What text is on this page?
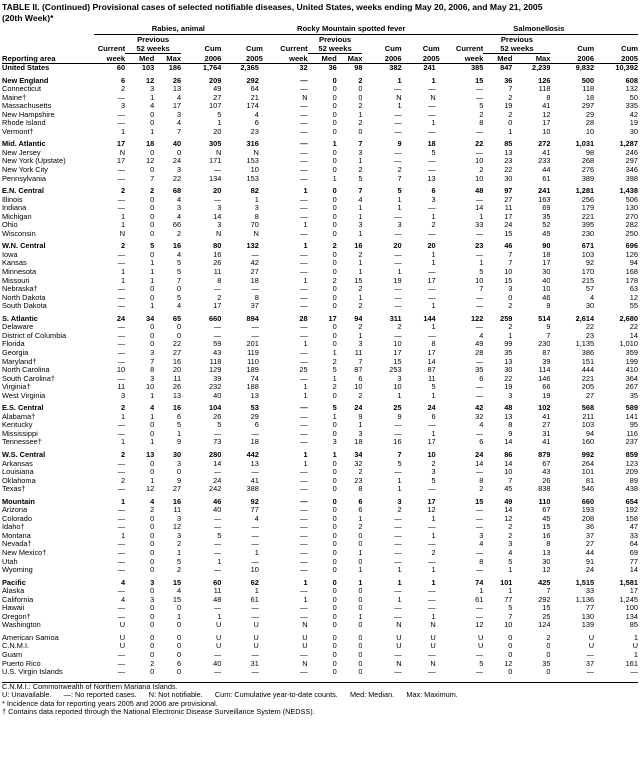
TABLE II. (Continued) Provisional cases of selected notifiable diseases, United States, weeks ending May 20, 2006, and May 21, 2005
(20th Week)*
	Rabies, animal					Rocky Mountain spotted fever					Salmonellosis				
		Previous					Previous					Previous			
	Current	52 weeks		Cum	Cum	Current	52 weeks		Cum	Cum	Current	52 weeks		Cum	Cum
Reporting area	week	Med	Max	2006	2005	week	Med	Max	2006	2005	week	Med	Max	2006	2005
United States	60	103	186	1,764	2,365	32	36	98	382	241	385	847	2,239	9,832	10,392

New England	6	12	26	209	292	—	0	2	1	1	15	36	126	500	608
Connecticut	2	3	13	49	64	—	0	0	—	—	—	7	118	118	132
Maine†	—	1	4	27	21	N	0	0	N	N	—	2	8	18	50
Massachusetts	3	4	17	107	174	—	0	2	1	—	5	19	41	297	335
New Hampshire	—	0	3	5	4	—	0	1	—	—	2	2	12	29	42
Rhode Island	—	0	4	1	6	—	0	2	—	1	8	0	17	28	19
Vermont†	1	1	7	20	23	—	0	0	—	—	—	1	10	10	30

Mid. Atlantic	17	18	40	305	316	—	1	7	9	18	22	85	272	1,031	1,287
New Jersey	N	0	0	N	N	—	0	3	—	5	—	13	41	98	246
New York (Upstate)	17	12	24	171	153	—	0	1	—	—	10	23	233	268	297
New York City	—	0	3	—	10	—	0	2	2	—	2	22	44	276	346
Pennsylvania	—	7	22	134	153	—	1	5	7	13	10	30	61	389	398

E.N. Central	2	2	68	20	82	1	0	7	5	6	48	97	241	1,281	1,438
Illinois	—	0	4	—	1	—	0	4	1	3	—	27	163	256	506
Indiana	—	0	3	3	3	—	0	1	1	—	14	11	69	179	130
Michigan	1	0	4	14	8	—	0	1	—	1	1	17	35	221	270
Ohio	1	0	66	3	70	1	0	3	3	2	33	24	52	395	282
Wisconsin	N	0	2	N	N	—	0	1	—	—	—	15	45	230	250

W.N. Central	2	5	16	80	132	1	2	16	20	20	23	46	90	671	696
Iowa	—	0	4	16	—	—	0	2	—	1	—	7	18	103	126
Kansas	—	1	5	26	42	—	0	1	—	1	1	7	17	92	94
Minnesota	1	1	5	11	27	—	0	1	1	—	5	10	30	170	168
Missouri	1	1	7	8	18	1	2	15	19	17	10	15	40	215	178
Nebraska†	—	0	0	—	—	—	0	2	—	—	7	3	10	57	63
North Dakota	—	0	5	2	8	—	0	1	—	—	—	0	46	4	12
South Dakota	—	1	4	17	37	—	0	2	—	1	—	2	9	30	55

S. Atlantic	24	34	65	660	894	28	17	94	311	144	122	259	514	2,614	2,680
Delaware	—	0	0	—	—	—	0	2	2	1	—	2	9	22	22
District of Columbia	—	0	0	—	—	—	0	1	—	—	4	1	7	23	14
Florida	—	0	22	59	201	1	0	3	10	8	49	99	230	1,135	1,010
Georgia	—	3	27	43	119	—	1	11	17	17	28	35	87	386	359
Maryland†	—	7	16	118	110	—	2	7	15	14	—	13	39	151	199
North Carolina	10	8	20	129	189	25	5	87	253	87	35	30	114	444	410
South Carolina†	—	3	11	39	74	—	1	6	3	11	6	22	146	221	364
Virginia†	11	10	26	232	188	1	2	10	10	5	—	19	66	205	267
West Virginia	3	1	13	40	13	1	0	2	1	1	—	3	19	27	35

E.S. Central	2	4	16	104	53	—	5	24	25	24	42	48	102	568	589
Alabama†	1	1	6	26	29	—	1	9	9	6	32	13	41	211	141
Kentucky	—	0	5	5	6	—	0	1	—	—	4	8	27	103	95
Mississippi	—	0	1	—	—	—	0	3	—	1	—	9	31	94	116
Tennessee†	1	1	9	73	18	—	3	18	16	17	6	14	41	160	237

W.S. Central	2	13	30	280	442	1	1	34	7	10	24	86	879	992	859
Arkansas	—	0	3	14	13	1	0	32	5	2	14	14	67	264	123
Louisiana	—	0	0	—	—	—	0	2	—	3	—	10	43	101	209
Oklahoma	2	1	9	24	41	—	0	23	1	5	8	7	26	81	89
Texas†	—	12	27	242	388	—	0	8	1	—	2	45	838	546	438

Mountain	1	4	16	46	92	—	0	6	3	17	15	49	110	660	654
Arizona	—	2	11	40	77	—	0	6	2	12	—	14	67	193	192
Colorado	—	0	3	—	4	—	0	1	—	1	—	12	45	208	158
Idaho†	—	0	12	—	—	—	0	2	—	—	—	2	15	36	47
Montana	1	0	3	5	—	—	0	0	—	1	3	2	16	37	33
Nevada†	—	0	2	—	—	—	0	0	—	—	4	3	8	27	64
New Mexico†	—	0	1	—	1	—	0	1	—	2	—	4	13	44	69
Utah	—	0	5	1	—	—	0	0	—	—	8	5	30	91	77
Wyoming	—	0	2	—	10	—	0	1	1	1	—	1	12	24	14

Pacific	4	3	15	60	62	1	0	1	1	1	74	101	425	1,515	1,581
Alaska	—	0	4	11	1	—	0	0	—	—	1	1	7	33	17
California	4	3	15	48	61	1	0	0	1	—	61	77	292	1,136	1,245
Hawaii	—	0	0	—	—	—	0	0	—	—	—	5	15	77	100
Oregon†	—	0	1	1	—	—	0	1	—	1	—	7	25	130	134
Washington	U	0	0	U	U	N	0	0	N	N	12	10	124	139	85

American Samoa	U	0	0	U	U	U	0	0	U	U	U	0	2	U	1
C.N.M.I.	U	0	0	U	U	U	0	0	U	U	U	0	0	U	U
Guam	—	0	0	—	—	—	0	0	—	—	—	0	0	—	1
Puerto Rico	—	2	6	40	31	N	0	0	N	N	5	12	35	37	161
U.S. Virgin Islands	—	0	0	—	—	—	0	0	—	—	—	0	0	—	—
C.N.M.I.: Commonwealth of Northern Mariana Islands.
U: Unavailable.      —: No reported cases.      N: Not notifiable.      Cum: Cumulative year-to-date counts.      Med: Median.      Max: Maximum.
* Incidence data for reporting years 2005 and 2006 are provisional.
† Contains data reported through the National Electronic Disease Surveillance System (NEDSS).
